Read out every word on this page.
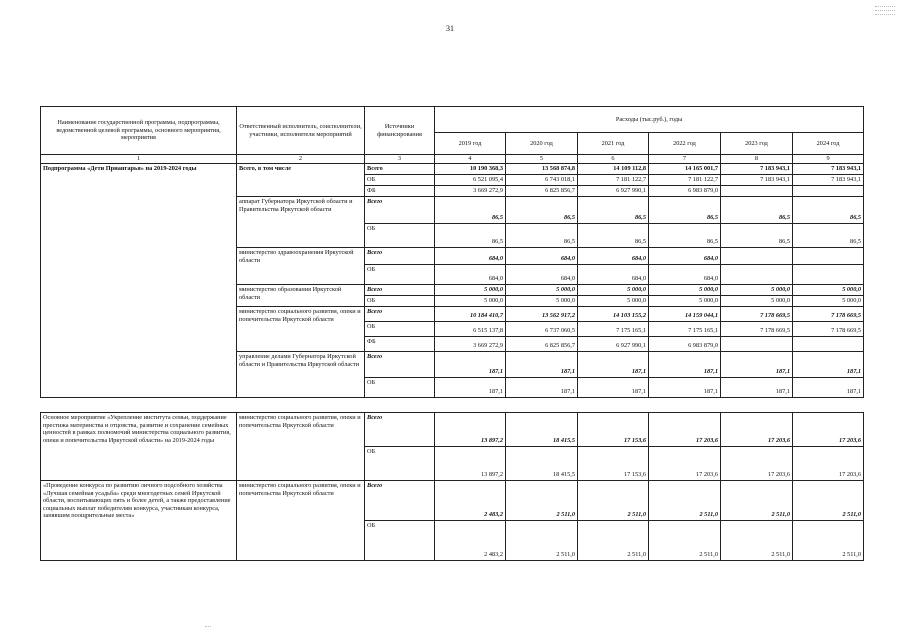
31
Наименование государственной программы, подпрограммы, ведомственной целевой программы, основного мероприятия, мероприятия	Ответственный исполнитель, соисполнители, участники, исполнители мероприятий	Источники финансирования	Расходы (тыс.руб.), годы					
			2019 год	2020 год	2021 год	2022 год	2023 год	2024 год
1	2	3	4	5	6	7	8	9
Подпрограмма «Дети Приангарья» на 2019-2024 годы	Всего, в том числе	Всего	10 190 368,3	13 568 874,8	14 109 112,8	14 165 001,7	7 183 943,1	7 183 943,1
		ОБ	6 521 095,4	6 743 018,1	7 181 122,7	7 181 122,7	7 183 943,1	7 183 943,1
		ФБ	3 669 272,9	6 825 856,7	6 927 990,1	6 983 879,0		
	аппарат Губернатора Иркутской области и Правительства Иркутской области	Всего	86,5	86,5	86,5	86,5	86,5	86,5
		ОБ	86,5	86,5	86,5	86,5	86,5	86,5
	министерство здравоохранения Иркутской области	Всего	684,0	684,0	684,0	684,0		
		ОБ	684,0	684,0	684,0	684,0		
	министерство образования Иркутской области	Всего	5 000,0	5 000,0	5 000,0	5 000,0	5 000,0	5 000,0
		ОБ	5 000,0	5 000,0	5 000,0	5 000,0	5 000,0	5 000,0
	министерство социального развития, опеки и попечительства Иркутской области	Всего	10 184 410,7	13 562 917,2	14 103 155,2	14 159 044,1	7 178 669,5	7 178 669,5
		ОБ	6 515 137,8	6 737 060,5	7 175 165,1	7 175 165,1	7 178 669,5	7 178 669,5
		ФБ	3 669 272,9	6 825 856,7	6 927 990,1	6 983 879,0		
	управление делами Губернатора Иркутской области и Правительства Иркутской области	Всего	187,1	187,1	187,1	187,1	187,1	187,1
		ОБ	187,1	187,1	187,1	187,1	187,1	187,1
Основное мероприятие «Укрепление института семьи, поддержание престижа материнства и отцовства, развитие и сохранение семейных ценностей в рамках полномочий министерства социального развития, опеки и попечительства Иркутской области» на 2019-2024 годы	министерство социального развития, опеки и попечительства Иркутской области	Всего	13 897,2	18 415,5	17 153,6	17 203,6	17 203,6	17 203,6
		ОБ	13 897,2	18 415,5	17 153,6	17 203,6	17 203,6	17 203,6
«Проведение конкурса по развитию личного подсобного хозяйства «Лучшая семейная усадьба» среди многодетных семей Иркутской области, воспитывающих пять и более детей, а также предоставление социальных выплат победителям конкурса, участникам конкурса, занявшим поощрительные места»	министерство социального развития, опеки и попечительства Иркутской области	Всего	2 483,2	2 511,0	2 511,0	2 511,0	2 511,0	2 511,0
		ОБ	2 483,2	2 511,0	2 511,0	2 511,0	2 511,0	2 511,0
